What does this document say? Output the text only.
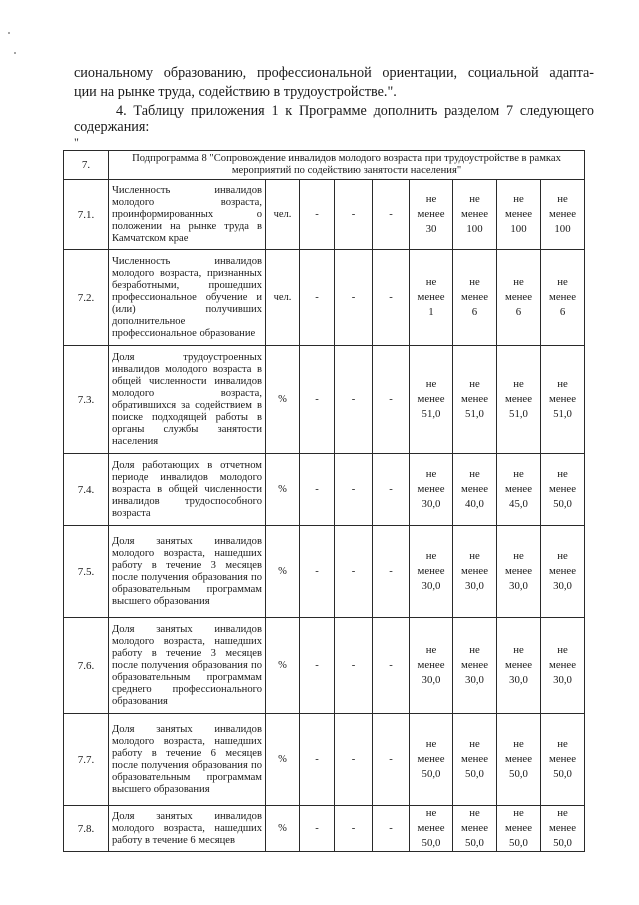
сиональному образованию, профессиональной ориентации, социальной адапта-
ции на рынке труда, содействию в трудоустройстве.".
4. Таблицу приложения 1 к Программе дополнить разделом 7 следующего
содержания:
"
7.	Подпрограмма 8 "Сопровождение инвалидов молодого возраста при трудоустройстве в рамках мероприятий по содействию занятости населения"								
7.1.	Численность инвалидов молодого возраста, проинформированных о положении на рынке труда в Камчатском крае	чел.	-	-	-	не
менее
30	не
менее
100	не
менее
100	не
менее
100

7.2.	Численность инвалидов молодого возраста, признанных безработными, прошедших профессиональное обучение и (или) получивших дополнительное профессиональное образование	чел.	-	-	-	не
менее
1	не
менее
6	не
менее
6	не
менее
6

7.3.	Доля трудоустроенных инвалидов молодого возраста в общей численности инвалидов молодого возраста, обратившихся за содействием в поиске подходящей работы в органы службы занятости населения	%	-	-	-	не
менее
51,0	не
менее
51,0	не
менее
51,0	не
менее
51,0

7.4.	Доля работающих в отчетном периоде инвалидов молодого возраста в общей численности инвалидов трудоспособного возраста	%	-	-	-	не
менее
30,0	не
менее
40,0	не
менее
45,0	не
менее
50,0

7.5.	Доля занятых инвалидов молодого возраста, нашедших работу в течение 3 месяцев после получения образования по образовательным программам высшего образования	%	-	-	-	не
менее
30,0	не
менее
30,0	не
менее
30,0	не
менее
30,0

7.6.	Доля занятых инвалидов молодого возраста, нашедших работу в течение 3 месяцев после получения образования по образовательным программам среднего профессионального образования	%	-	-	-	не
менее
30,0	не
менее
30,0	не
менее
30,0	не
менее
30,0

7.7.	Доля занятых инвалидов молодого возраста, нашедших работу в течение 6 месяцев после получения образования по образовательным программам высшего образования	%	-	-	-	не
менее
50,0	не
менее
50,0	не
менее
50,0	не
менее
50,0

7.8.	Доля занятых инвалидов молодого возраста, нашедших работу в течение 6 месяцев	%	-	-	-	не
менее
50,0	не
менее
50,0	не
менее
50,0	не
менее
50,0
